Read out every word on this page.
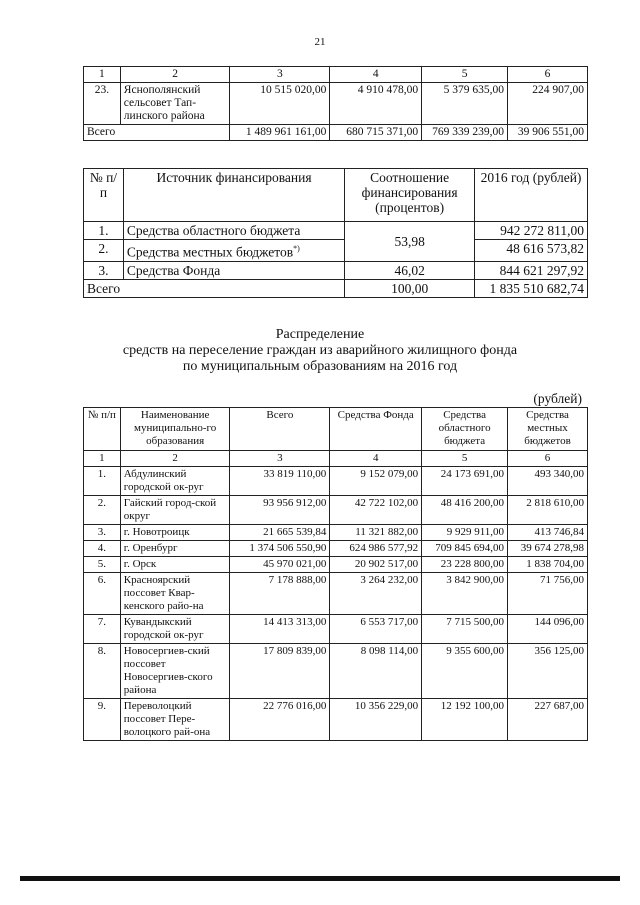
21
1	2	3	4	5	6
23.	Яснополянский сельсовет Тап-линского района	10 515 020,00	4 910 478,00	5 379 635,00	224 907,00
Всего		1 489 961 161,00	680 715 371,00	769 339 239,00	39 906 551,00
№ п/п	Источник финансирования	Соотношение финансирования (процентов)	2016 год (рублей)
1.	Средства областного бюджета	53,98	942 272 811,00
2.	Средства местных бюджетов*)		48 616 573,82
3.	Средства Фонда	46,02	844 621 297,92
Всего		100,00	1 835 510 682,74
Распределение
средств на переселение граждан из аварийного жилищного фонда
по муниципальным образованиям на 2016 год
(рублей)
№ п/п	Наименование муниципально-го образования	Всего	Средства Фонда	Средства областного бюджета	Средства местных бюджетов
1	2	3	4	5	6
1.	Абдулинский городской ок-руг	33 819 110,00	9 152 079,00	24 173 691,00	493 340,00
2.	Гайский город-ской округ	93 956 912,00	42 722 102,00	48 416 200,00	2 818 610,00
3.	г. Новотроицк	21 665 539,84	11 321 882,00	9 929 911,00	413 746,84
4.	г. Оренбург	1 374 506 550,90	624 986 577,92	709 845 694,00	39 674 278,98
5.	г. Орск	45 970 021,00	20 902 517,00	23 228 800,00	1 838 704,00
6.	Красноярский поссовет Квар-кенского райо-на	7 178 888,00	3 264 232,00	3 842 900,00	71 756,00
7.	Кувандыкский городской ок-руг	14 413 313,00	6 553 717,00	7 715 500,00	144 096,00
8.	Новосергиев-ский поссовет Новосергиев-ского района	17 809 839,00	8 098 114,00	9 355 600,00	356 125,00
9.	Переволоцкий поссовет Пере-волоцкого рай-она	22 776 016,00	10 356 229,00	12 192 100,00	227 687,00
